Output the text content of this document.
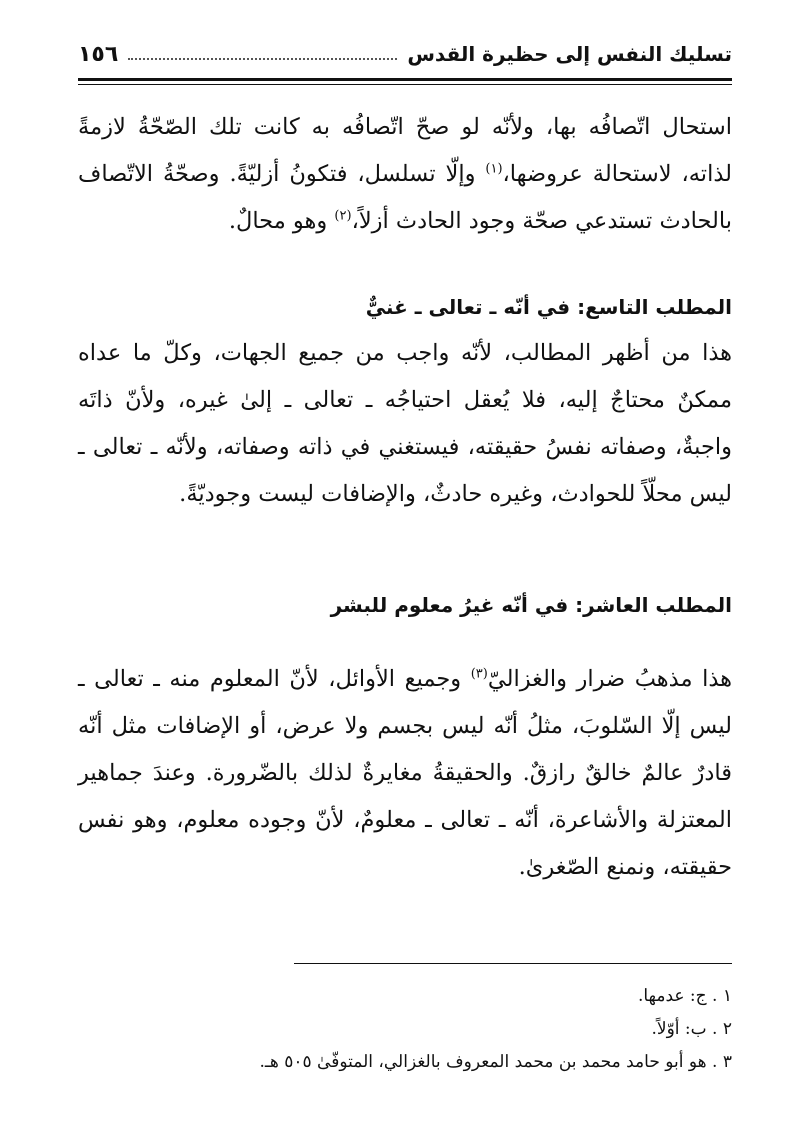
تسليك النفس إلى حظيرة القدس
١٥٦
استحال اتّصافُه بها، ولأنّه لو صحّ اتّصافُه به كانت تلك الصّحّةُ لازمةً لذاته، لاستحالة عروضها،$^{(١)}$ وإلّا تسلسل، فتكونُ أزليّةً. وصحّةُ الاتّصاف بالحادث تستدعي صحّة وجود الحادث أزلاً،$^{(٢)}$ وهو محالٌ.
المطلب التاسع: في أنّه ـ تعالى ـ غنيٌّ
هذا من أظهر المطالب، لأنّه واجب من جميع الجهات، وكلّ ما عداه ممكنٌ محتاجٌ إليه، فلا يُعقل احتياجُه ـ تعالى ـ إلىٰ غيره، ولأنّ ذاتَه واجبةٌ، وصفاته نفسُ حقيقته، فيستغني في ذاته وصفاته، ولأنّه ـ تعالى ـ ليس محلّاً للحوادث، وغيره حادثٌ، والإضافات ليست وجوديّةً.
المطلب العاشر: في أنّه غيرُ معلوم للبشر
هذا مذهبُ ضرار والغزاليّ$^{(٣)}$ وجميع الأوائل، لأنّ المعلوم منه ـ تعالى ـ ليس إلّا السّلوبَ، مثلُ أنّه ليس بجسم ولا عرض، أو الإضافات مثل أنّه قادرٌ عالمٌ خالقٌ رازقٌ. والحقيقةُ مغايرةٌ لذلك بالضّرورة. وعندَ جماهير المعتزلة والأشاعرة، أنّه ـ تعالى ـ معلومٌ، لأنّ وجوده معلوم، وهو نفس حقيقته، ونمنع الصّغرىٰ.
١ . ج: عدمها.
٢ . ب: أوّلاً.
٣ . هو أبو حامد محمد بن محمد المعروف بالغزالي، المتوفّىٰ ٥٠٥ هـ.
